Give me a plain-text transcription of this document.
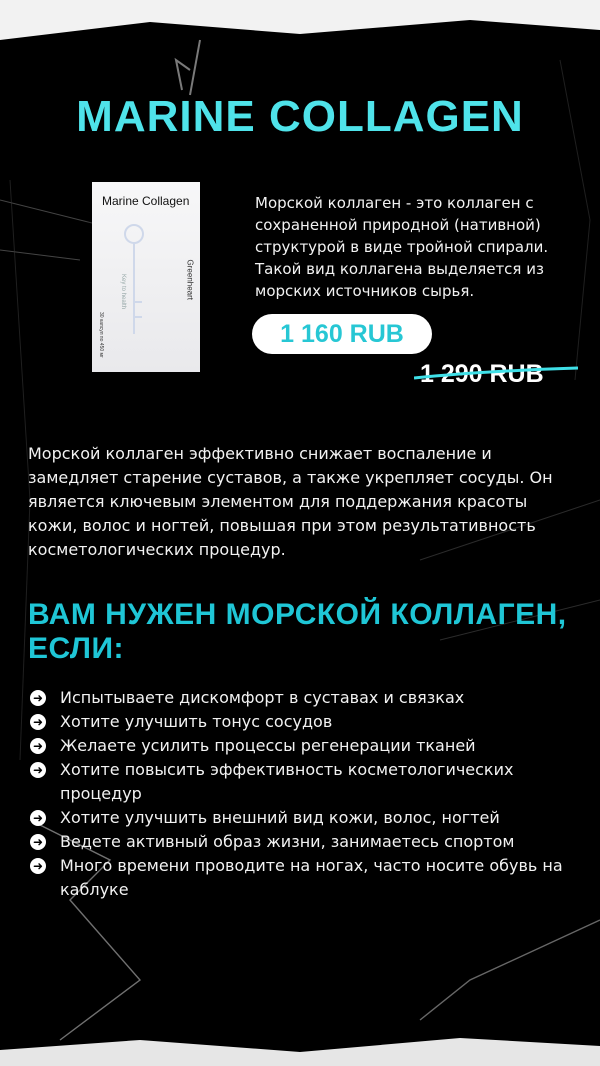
MARINE COLLAGEN
Marine Collagen
Key to health
30 капсул по 450 мг
Greenheart
Морской коллаген - это коллаген с сохраненной природной (нативной) структурой в виде тройной спирали. Такой вид коллагена выделяется из морских источников сырья.
1 160 RUB
1 290 RUB
Морской коллаген эффективно снижает воспаление и замедляет старение суставов, а также укрепляет сосуды. Он является ключевым элементом для поддержания красоты кожи, волос и ногтей, повышая при этом результативность косметологических процедур.
ВАМ НУЖЕН МОРСКОЙ КОЛЛАГЕН, ЕСЛИ:
➜ Испытываете дискомфорт в суставах и связках
➜ Хотите улучшить тонус сосудов
➜ Желаете усилить процессы регенерации тканей
➜ Хотите повысить эффективность косметологических процедур
➜ Хотите улучшить внешний вид кожи, волос, ногтей
➜ Ведете активный образ жизни, занимаетесь спортом
➜ Много времени проводите на ногах, часто носите обувь на каблуке
